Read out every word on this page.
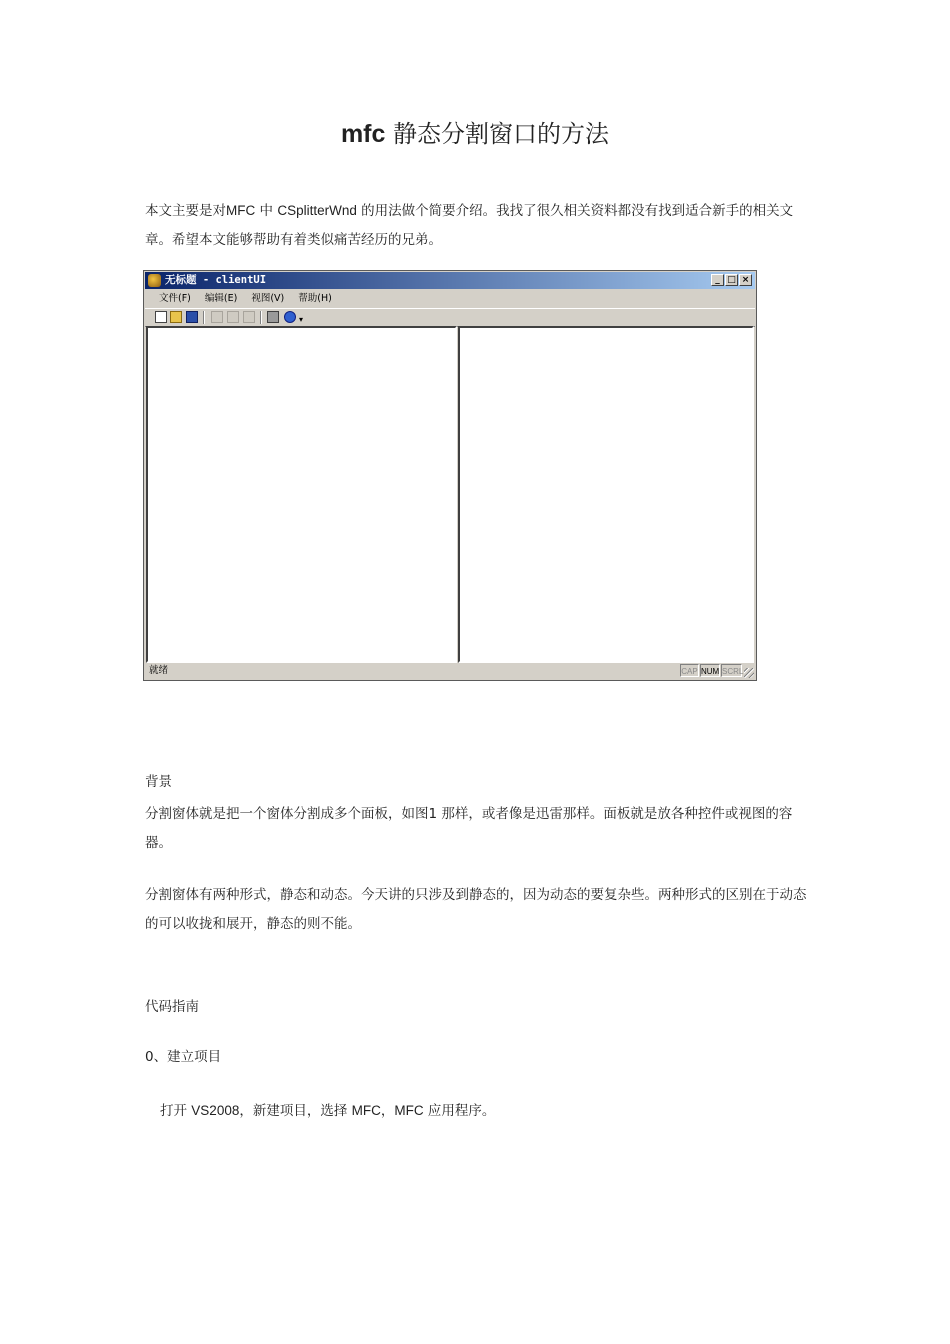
mfc 静态分割窗口的方法
本文主要是对MFC 中 CSplitterWnd 的用法做个简要介绍。我找了很久相关资料都没有找到适合新手的相关文章。希望本文能够帮助有着类似痛苦经历的兄弟。
无标题 - clientUI	_ □ ×
文件(F) 编辑(E) 视图(V) 帮助(H)
▾
就绪	CAP NUM SCRL
背景
分割窗体就是把一个窗体分割成多个面板，如图1 那样，或者像是迅雷那样。面板就是放各种控件或视图的容器。
分割窗体有两种形式，静态和动态。今天讲的只涉及到静态的，因为动态的要复杂些。两种形式的区别在于动态的可以收拢和展开，静态的则不能。
代码指南
0、建立项目
打开 VS2008，新建项目，选择 MFC，MFC 应用程序。
